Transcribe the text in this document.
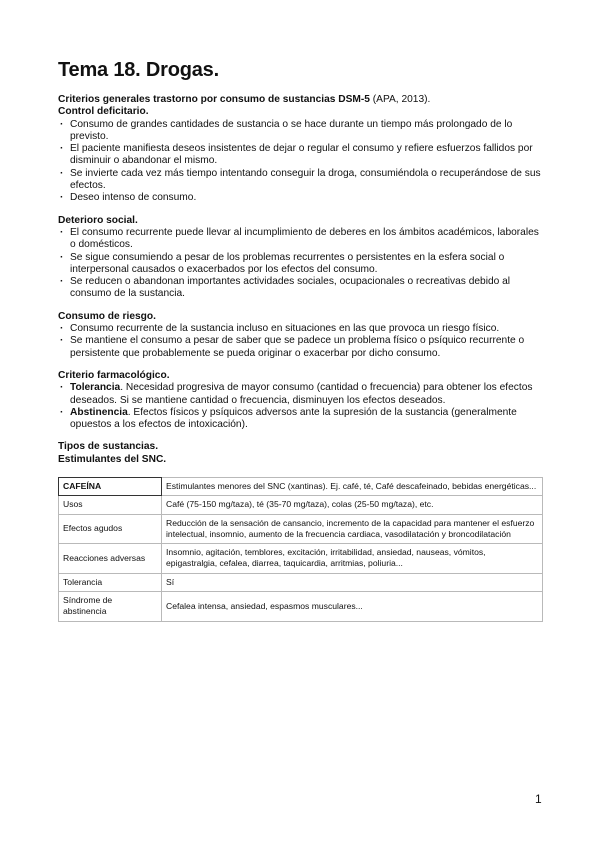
Tema 18. Drogas.

Criterios generales trastorno por consumo de sustancias DSM-5 (APA, 2013).

Control deficitario.

· Consumo de grandes cantidades de sustancia o se hace durante un tiempo más prolongado de lo previsto.
· El paciente manifiesta deseos insistentes de dejar o regular el consumo y refiere esfuerzos fallidos por disminuir o abandonar el mismo.
· Se invierte cada vez más tiempo intentando conseguir la droga, consumiéndola o recuperándose de sus efectos.
· Deseo intenso de consumo.

Deterioro social.

· El consumo recurrente puede llevar al incumplimiento de deberes en los ámbitos académicos, laborales o domésticos.
· Se sigue consumiendo a pesar de los problemas recurrentes o persistentes en la esfera social o interpersonal causados o exacerbados por los efectos del consumo.
· Se reducen o abandonan importantes actividades sociales, ocupacionales o recreativas debido al consumo de la sustancia.

Consumo de riesgo.

· Consumo recurrente de la sustancia incluso en situaciones en las que provoca un riesgo físico.
· Se mantiene el consumo a pesar de saber que se padece un problema físico o psíquico recurrente o persistente que probablemente se pueda originar o exacerbar por dicho consumo.

Criterio farmacológico.

· Tolerancia. Necesidad progresiva de mayor consumo (cantidad o frecuencia) para obtener los efectos deseados. Si se mantiene cantidad o frecuencia, disminuyen los efectos deseados.
· Abstinencia. Efectos físicos y psíquicos adversos ante la supresión de la sustancia (generalmente opuestos a los efectos de intoxicación).

Tipos de sustancias.

Estimulantes del SNC.

CAFEÍNA	Estimulantes menores del SNC (xantinas). Ej. café, té, Café descafeinado, bebidas energéticas...
Usos	Café (75-150 mg/taza), té (35-70 mg/taza), colas (25-50 mg/taza), etc.
Efectos agudos	Reducción de la sensación de cansancio, incremento de la capacidad para mantener el esfuerzo intelectual, insomnio, aumento de la frecuencia cardiaca, vasodilatación y broncodilatación
Reacciones adversas	Insomnio, agitación, temblores, excitación, irritabilidad, ansiedad, nauseas, vómitos, epigastralgia, cefalea, diarrea, taquicardia, arritmias, poliuria...
Tolerancia	Sí
Síndrome de abstinencia	Cefalea intensa, ansiedad, espasmos musculares...
1
